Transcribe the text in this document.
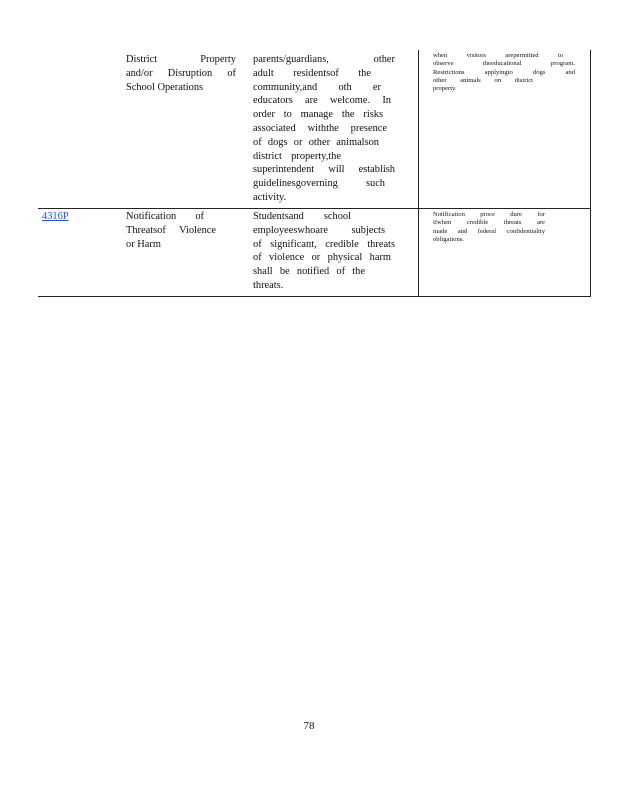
District Property

and/or Disruption of

School Operations

parents/guardians, other

adult residentsof the

community,and oth er

educators are welcome. In

order to manage the risks

associated withthe presence

of dogs or other animalson

district property,the

superintendent will establish

guidelinesgoverning such

activity.

when visitors arepermitted to

observe theeducational program.

Restrictions applyingto dogs and

other animals on district

property.

4316P	Notification of

Threatsof Violence

or Harm

Studentsand school

employeeswhoare subjects

of significant, credible threats

of violence or physical harm

shall be notified of the

threats.

Notification proce dure for

ifwhen credible threats are

made and federal confidentiality

obligations.

78
